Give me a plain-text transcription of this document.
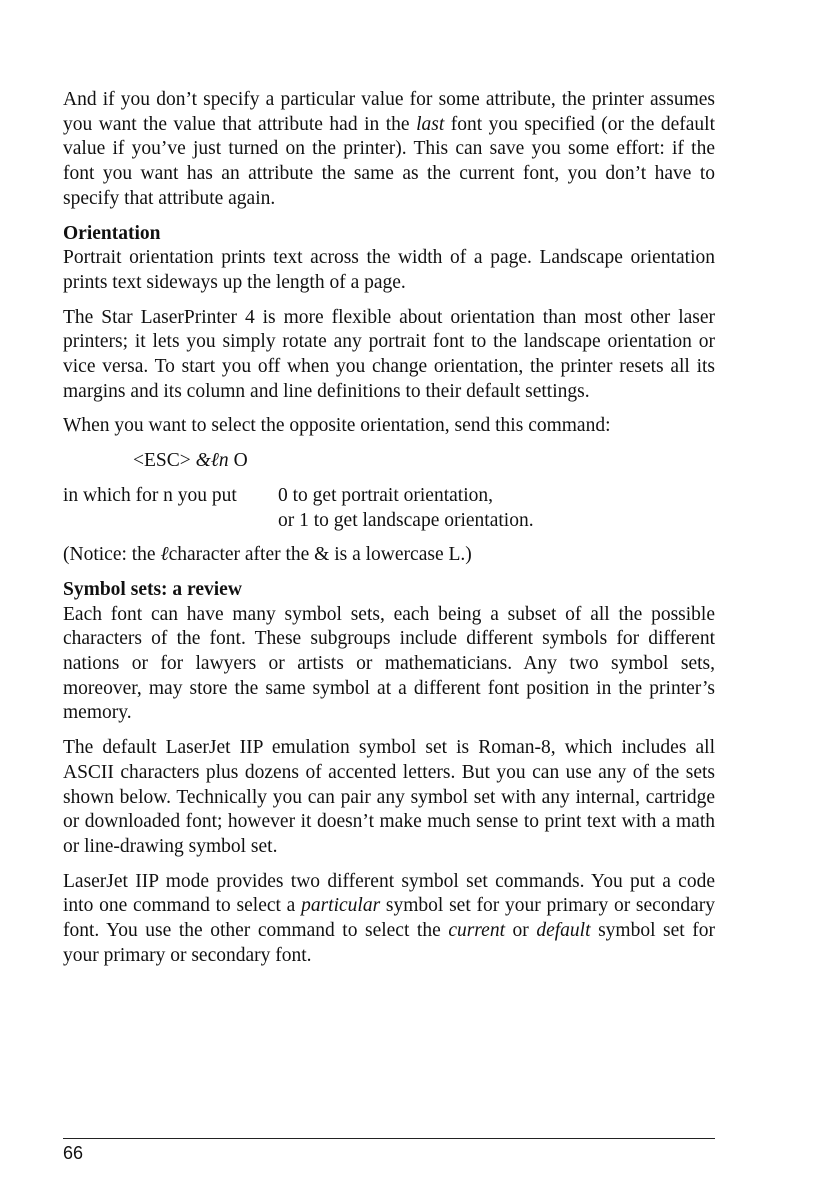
And if you don’t specify a particular value for some attribute, the printer assumes you want the value that attribute had in the last font you specified (or the default value if you’ve just turned on the printer). This can save you some effort: if the font you want has an attribute the same as the current font, you don’t have to specify that attribute again.

Orientation

Portrait orientation prints text across the width of a page. Landscape orientation prints text sideways up the length of a page.

The Star LaserPrinter 4 is more flexible about orientation than most other laser printers; it lets you simply rotate any portrait font to the landscape orientation or vice versa. To start you off when you change orientation, the printer resets all its margins and its column and line definitions to their default settings.

When you want to select the opposite orientation, send this command:

<ESC> &ℓn O
in which for n you put	0 to get portrait orientation,
or 1 to get landscape orientation.

(Notice: the ℓcharacter after the & is a lowercase L.)

Symbol sets: a review

Each font can have many symbol sets, each being a subset of all the possible characters of the font. These subgroups include different symbols for different nations or for lawyers or artists or mathematicians. Any two symbol sets, moreover, may store the same symbol at a different font position in the printer’s memory.

The default LaserJet IIP emulation symbol set is Roman-8, which includes all ASCII characters plus dozens of accented letters. But you can use any of the sets shown below. Technically you can pair any symbol set with any internal, cartridge or downloaded font; however it doesn’t make much sense to print text with a math or line-drawing symbol set.

LaserJet IIP mode provides two different symbol set commands. You put a code into one command to select a particular symbol set for your primary or secondary font. You use the other command to select the current or default symbol set for your primary or secondary font.

66
